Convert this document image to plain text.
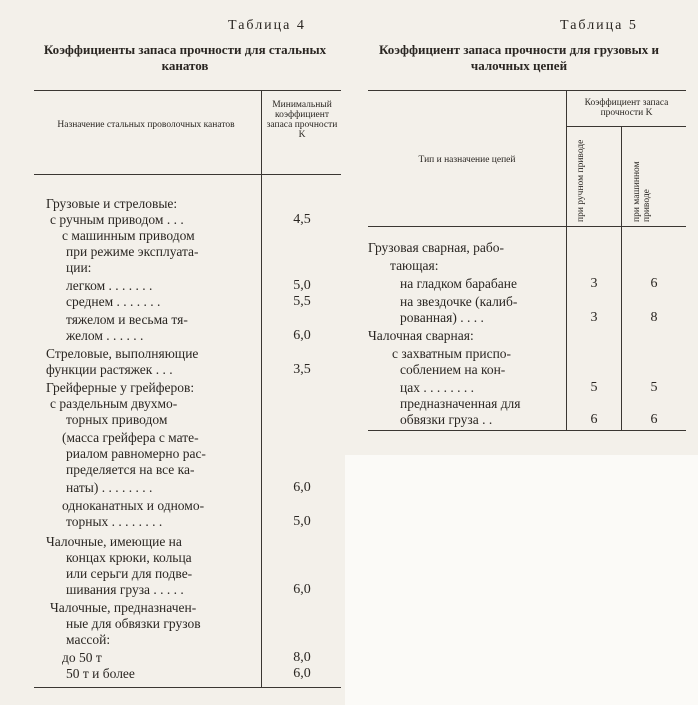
Таблица 4
Коэффициенты запаса прочности для стальных канатов
Назначение стальных проволочных канатов
Минимальный коэффициент запаса прочности K
Грузовые и стреловые:
с ручным приводом . . .	4,5
с машинным приводом
при режиме эксплуата-
ции:
легком . . . . . . .	5,0
среднем . . . . . . .	5,5
тяжелом и весьма тя-
желом . . . . . .	6,0
Стреловые, выполняющие
функции растяжек . . .	3,5
Грейферные у грейферов:
с раздельным двухмо-
торных приводом
(масса грейфера с мате-
риалом равномерно рас-
пределяется на все ка-
наты) . . . . . . . .	6,0
одноканатных и одномо-
торных . . . . . . . .	5,0
Чалочные, имеющие на
концах крюки, кольца
или серьги для подве-
шивания груза . . . . .	6,0
Чалочные, предназначен-
ные для обвязки грузов
массой:
до 50 т	8,0
50 т и более	6,0
Таблица 5
Коэффициент запаса прочности для грузовых и чалочных цепей
Тип и назначение цепей
Коэффициент запаса прочности K
при ручном приводе	при машинном приводе
Грузовая сварная, рабо-
тающая:
на гладком барабане	3	6
на звездочке (калиб-
рованная) . . . .	3	8
Чалочная сварная:
с захватным приспо-
соблением на кон-
цах . . . . . . . .	5	5
предназначенная для
обвязки груза . .	6	6
